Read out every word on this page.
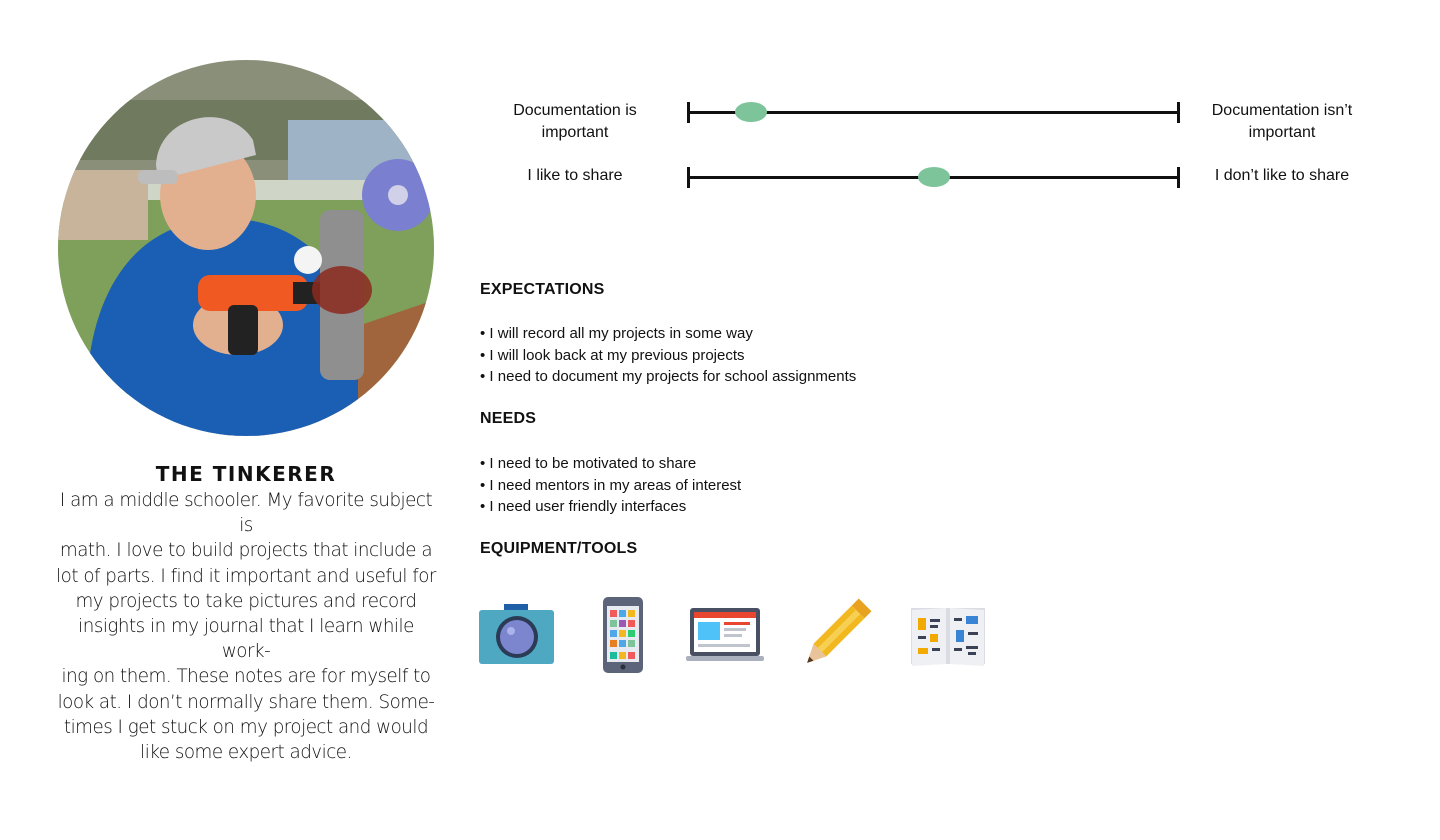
THE TINKERER
I am a middle schooler. My favorite subject is
math. I love to build projects that include a
lot of parts. I find it important and useful for
my projects to take pictures and record
insights in my journal that I learn while work-
ing on them. These notes are for myself to
look at. I don’t normally share them. Some-
times I get stuck on my project and would
like some expert advice.
Documentation is important
Documentation isn’t important
I like to share	I don’t like to share
EXPECTATIONS
• I will record all my projects in some way
• I will look back at my previous projects
• I need to document my projects for school assignments
NEEDS
• I need to be motivated to share
• I need mentors in my areas of interest
• I need user friendly interfaces
EQUIPMENT/TOOLS
